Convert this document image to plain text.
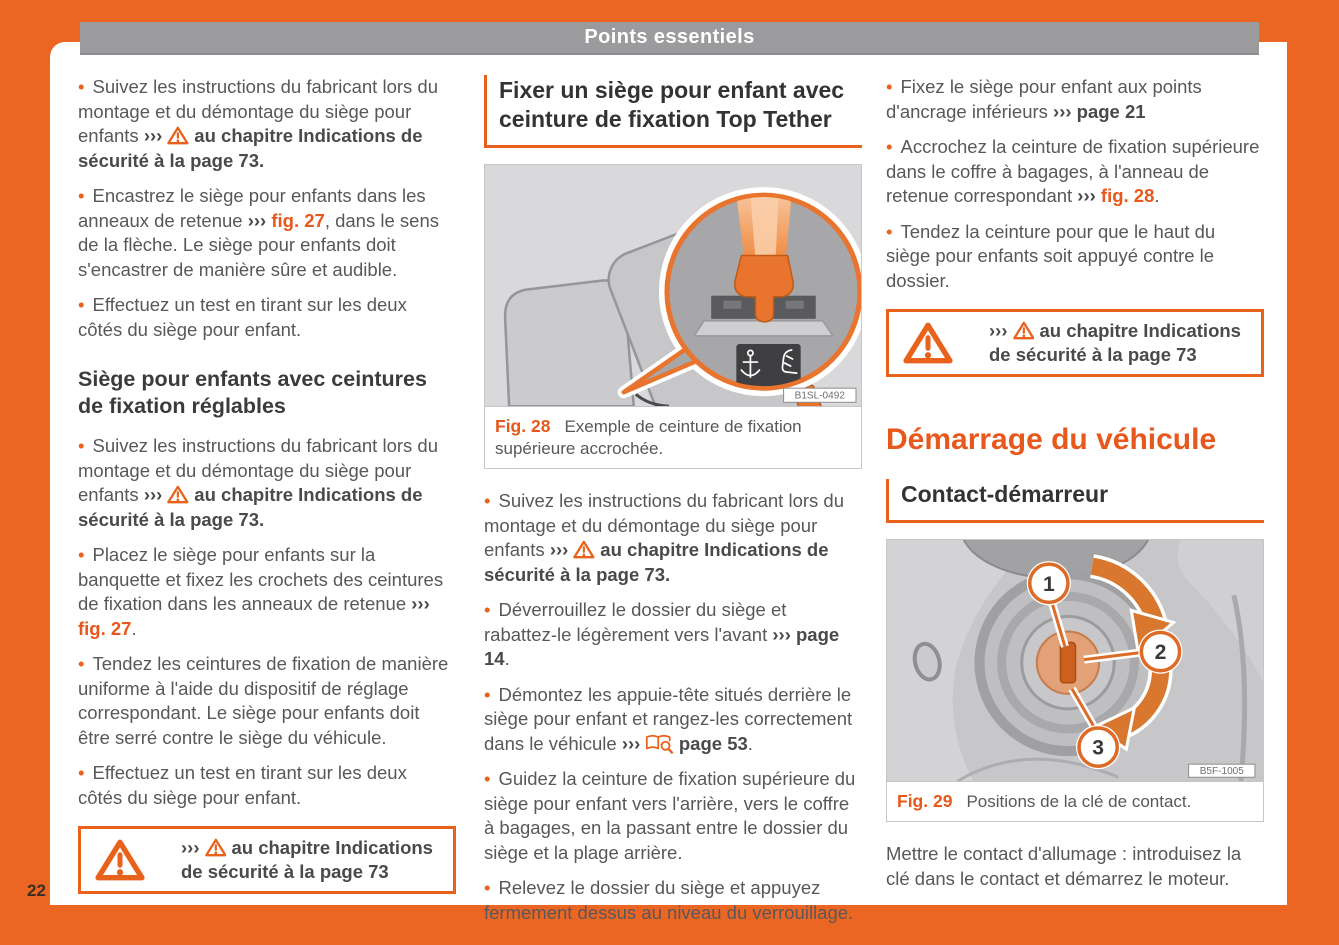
Points essentiels

• Suivez les instructions du fabricant lors du montage et du démontage du siège pour enfants ›››  au chapitre Indications de sécurité à la page 73.

• Encastrez le siège pour enfants dans les anneaux de retenue ››› fig. 27, dans le sens de la flèche. Le siège pour enfants doit s'encastrer de manière sûre et audible.

• Effectuez un test en tirant sur les deux côtés du siège pour enfant.

Siège pour enfants avec ceintures de fixation réglables

• Suivez les instructions du fabricant lors du montage et du démontage du siège pour enfants ›››  au chapitre Indications de sécurité à la page 73.

• Placez le siège pour enfants sur la banquette et fixez les crochets des ceintures de fixation dans les anneaux de retenue ››› fig. 27.

• Tendez les ceintures de fixation de manière uniforme à l'aide du dispositif de réglage correspondant. Le siège pour enfants doit être serré contre le siège du véhicule.

• Effectuez un test en tirant sur les deux côtés du siège pour enfant.

›››  au chapitre Indications de sécurité à la page 73
Fixer un siège pour enfant avec ceinture de fixation Top Tether
B1SL-0492
Fig. 28 Exemple de ceinture de fixation supérieure accrochée.

• Suivez les instructions du fabricant lors du montage et du démontage du siège pour enfants ›››  au chapitre Indications de sécurité à la page 73.

• Déverrouillez le dossier du siège et rabattez-le légèrement vers l'avant ››› page 14.

• Démontez les appuie-tête situés derrière le siège pour enfant et rangez-les correctement dans le véhicule ›››  page 53.

• Guidez la ceinture de fixation supérieure du siège pour enfant vers l'arrière, vers le coffre à bagages, en la passant entre le dossier du siège et la plage arrière.

• Relevez le dossier du siège et appuyez fermement dessus au niveau du verrouillage.

• Fixez le siège pour enfant aux points d'ancrage inférieurs ››› page 21

• Accrochez la ceinture de fixation supérieure dans le coffre à bagages, à l'anneau de retenue correspondant ››› fig. 28.

• Tendez la ceinture pour que le haut du siège pour enfants soit appuyé contre le dossier.

›››  au chapitre Indications de sécurité à la page 73
Démarrage du véhicule
Contact-démarreur
1
2
3
B5F-1005
Fig. 29 Positions de la clé de contact.

Mettre le contact d'allumage : introduisez la clé dans le contact et démarrez le moteur.

22
